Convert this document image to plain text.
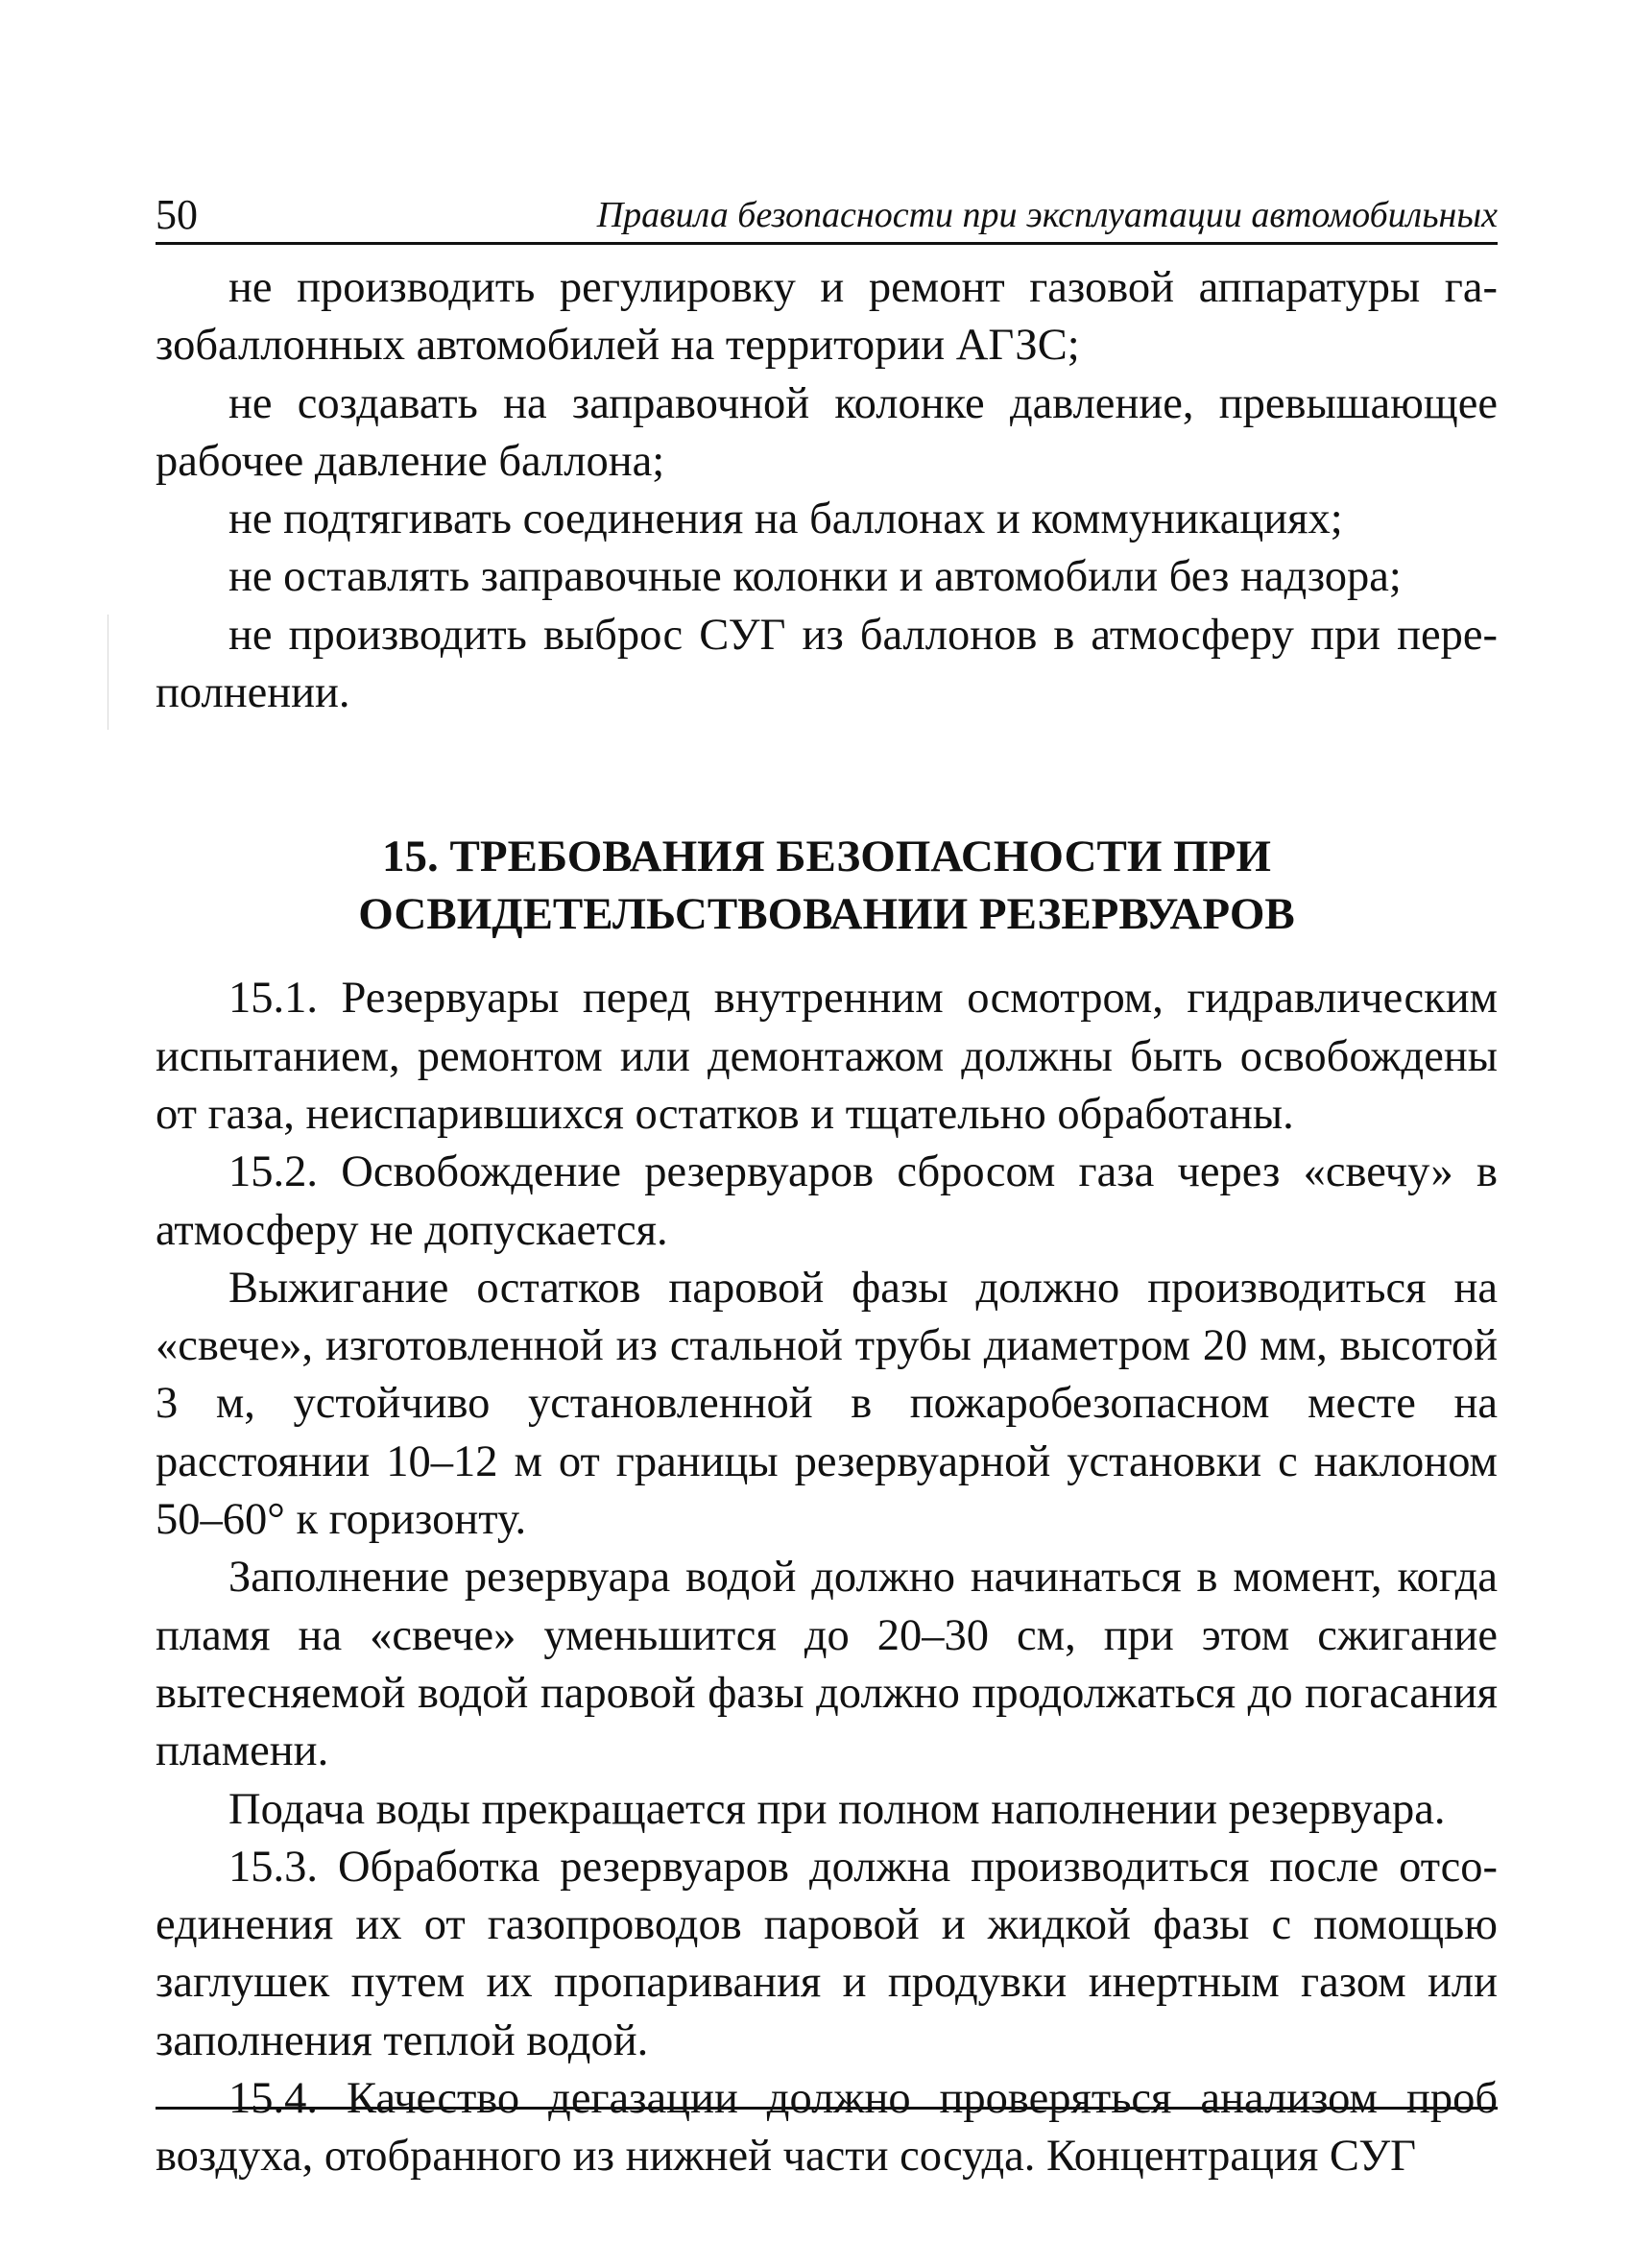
50	Правила безопасности при эксплуатации автомобильных

не производить регулировку и ремонт газовой аппаратуры газобаллонных автомобилей на территории АГЗС;

не создавать на заправочной колонке давление, превышающее рабочее давление баллона;

не подтягивать соединения на баллонах и коммуникациях;

не оставлять заправочные колонки и автомобили без надзора;

не производить выброс СУГ из баллонов в атмосферу при переполнении.

15. ТРЕБОВАНИЯ БЕЗОПАСНОСТИ ПРИ
ОСВИДЕТЕЛЬСТВОВАНИИ РЕЗЕРВУАРОВ

15.1. Резервуары перед внутренним осмотром, гидравлическим испытанием, ремонтом или демонтажом должны быть освобождены от газа, неиспарившихся остатков и тщательно обработаны.

15.2. Освобождение резервуаров сбросом газа через «свечу» в атмосферу не допускается.

Выжигание остатков паровой фазы должно производиться на «свече», изготовленной из стальной трубы диаметром 20 мм, высотой 3 м, устойчиво установленной в пожаробезопасном месте на расстоянии 10–12 м от границы резервуарной установки с наклоном 50–60° к горизонту.

Заполнение резервуара водой должно начинаться в момент, когда пламя на «свече» уменьшится до 20–30 см, при этом сжигание вытесняемой водой паровой фазы должно продолжаться до погасания пламени.

Подача воды прекращается при полном наполнении резервуара.

15.3. Обработка резервуаров должна производиться после отсоединения их от газопроводов паровой и жидкой фазы с помощью заглушек путем их пропаривания и продувки инертным газом или заполнения теплой водой.

15.4. Качество дегазации должно проверяться анализом проб воздуха, отобранного из нижней части сосуда. Концентрация СУГ
